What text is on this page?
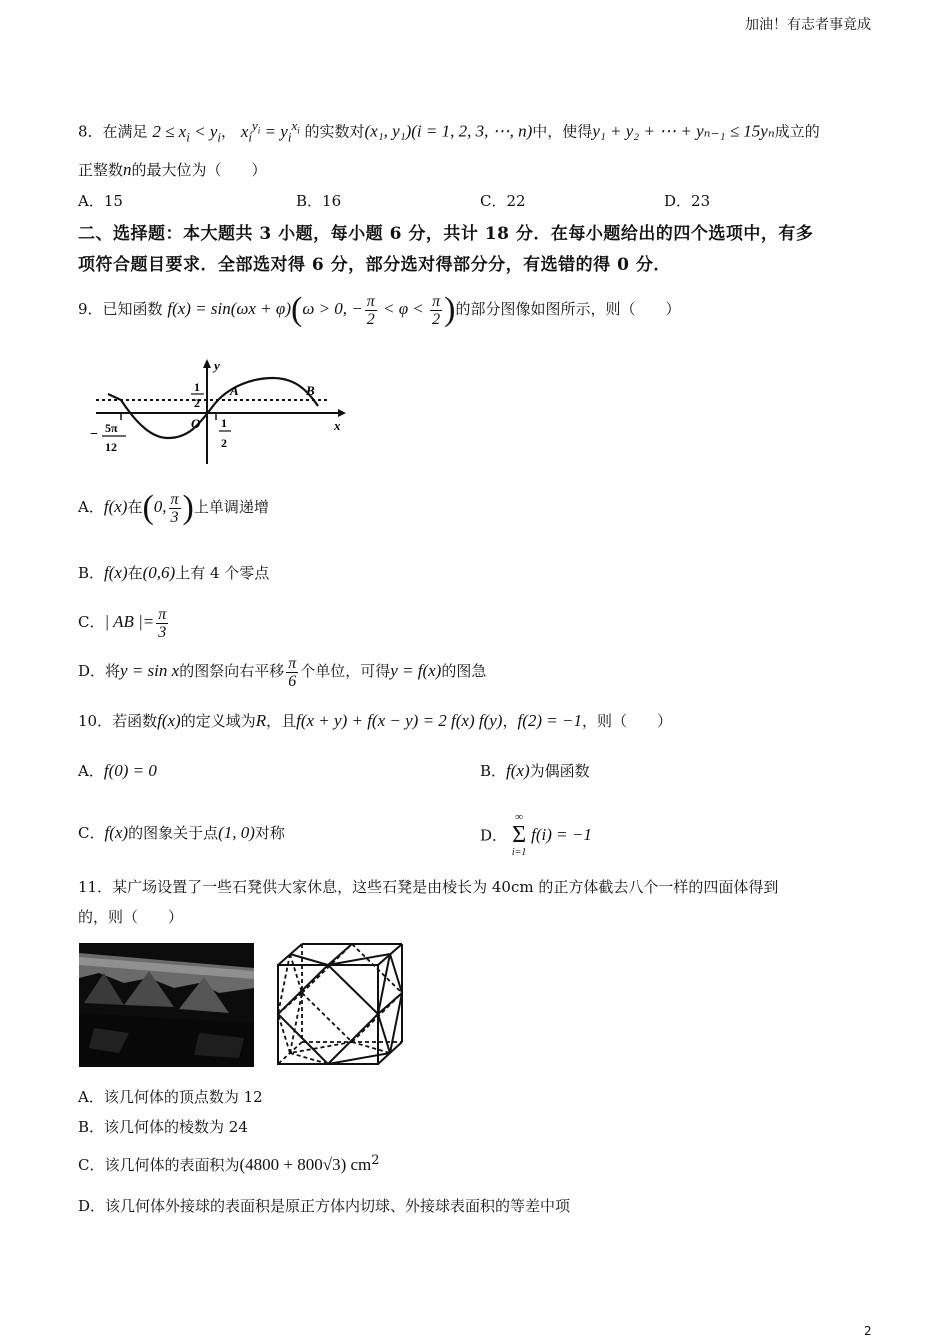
加油！有志者事竟成
8．在满足 $2 \le x_i < y_i$， $x_i^{y_i} = y_i^{x_i}$ 的实数对(x₁, y₁)(i = 1, 2, 3, ⋯, n)中，使得y₁ + y₂ + ⋯ + yₙ₋₁ ≤ 15yₙ成立的
正整数n的最大位为（　　）
A．15	B．16	C．22	D．23
二、选择题：本大题共 3 小题，每小题 6 分，共计 18 分．在每小题给出的四个选项中，有多
项符合题目要求．全部选对得 6 分，部分选对得部分分，有选错的得 0 分．
9．已知函数 f(x) = sin(ωx + φ)(ω > 0, − $\frac{\pi}{2} < \varphi < \frac{\pi}{2}$ )的部分图像如图所示，则（　　）
y
x
O
1
2
1
2
− 5π
12
A	B
A．f(x)在(0, $\frac{\pi}{3}$ )上单调递增
B．f(x)在(0,6)上有 4 个零点
C．| AB |= $\frac{\pi}{3}$
D．将y = sin x的图祭向右平移 $\frac{\pi}{6}$ 个单位，可得y = f(x)的图急
10．若函数f(x)的定义域为R，且f(x + y) + f(x − y) = 2 f(x) f(y)，f(2) = −1，则（　　）
A．f(0) = 0	B．f(x)为偶函数
C．f(x)的图象关于点(1, 0)对称	D．
∞
Σ
i=1
f(i) = −1
11．某广场设置了一些石凳供大家休息，这些石凳是由棱长为 40cm 的正方体截去八个一样的四面体得到
的，则（　　）
A．该几何体的顶点数为 12
B．该几何体的棱数为 24
C．该几何体的表面积为(4800 + 800√3) $cm^2$
D．该几何体外接球的表面积是原正方体内切球、外接球表面积的等差中项
2
